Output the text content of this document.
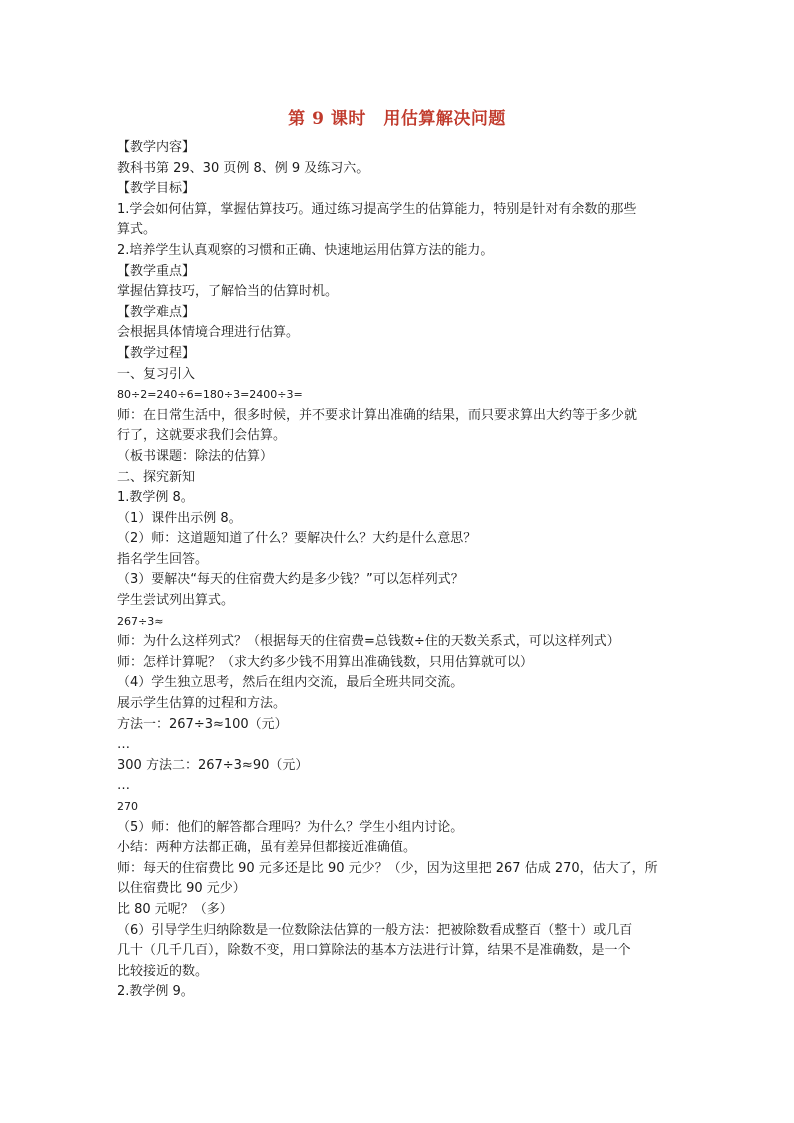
第 9 课时　用估算解决问题
【教学内容】
教科书第 29、30 页例 8、例 9 及练习六。
【教学目标】
1.学会如何估算，掌握估算技巧。通过练习提高学生的估算能力，特别是针对有余数的那些
算式。
2.培养学生认真观察的习惯和正确、快速地运用估算方法的能力。
【教学重点】
掌握估算技巧，了解恰当的估算时机。
【教学难点】
会根据具体情境合理进行估算。
【教学过程】
一、复习引入
80÷2=240÷6=180÷3=2400÷3=
师：在日常生活中，很多时候，并不要求计算出准确的结果，而只要求算出大约等于多少就
行了，这就要求我们会估算。
（板书课题：除法的估算）
二、探究新知
1.教学例 8。
（1）课件出示例 8。
（2）师：这道题知道了什么？要解决什么？大约是什么意思？
指名学生回答。
（3）要解决“每天的住宿费大约是多少钱？”可以怎样列式？
学生尝试列出算式。
267÷3≈
师：为什么这样列式？（根据每天的住宿费=总钱数÷住的天数关系式，可以这样列式）
师：怎样计算呢？（求大约多少钱不用算出准确钱数，只用估算就可以）
（4）学生独立思考，然后在组内交流，最后全班共同交流。
展示学生估算的过程和方法。
方法一：267÷3≈100（元）
…
300 方法二：267÷3≈90（元）
…
270
（5）师：他们的解答都合理吗？为什么？学生小组内讨论。
小结：两种方法都正确，虽有差异但都接近准确值。
师：每天的住宿费比 90 元多还是比 90 元少？（少，因为这里把 267 估成 270，估大了，所
以住宿费比 90 元少）
比 80 元呢？（多）
（6）引导学生归纳除数是一位数除法估算的一般方法：把被除数看成整百（整十）或几百
几十（几千几百），除数不变，用口算除法的基本方法进行计算，结果不是准确数，是一个
比较接近的数。
2.教学例 9。
